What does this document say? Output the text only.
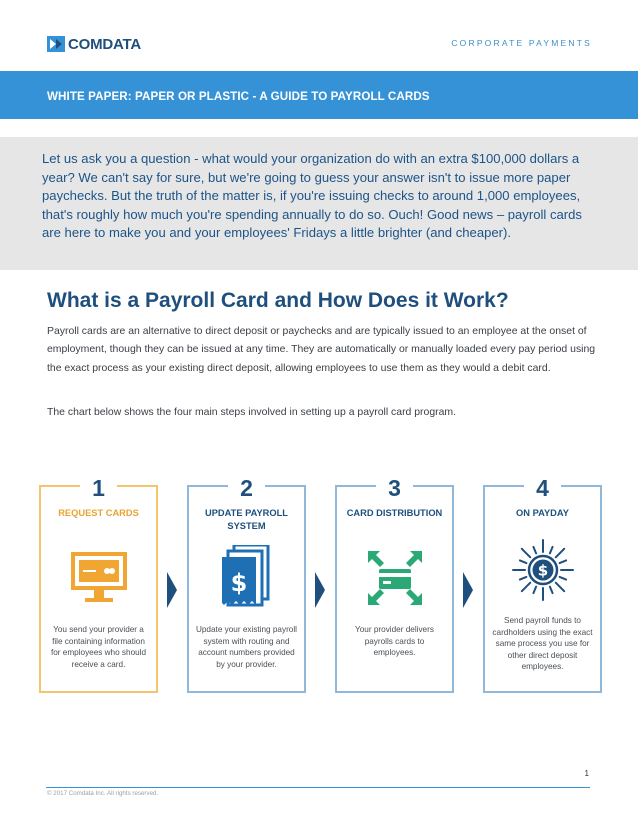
COMDATA	CORPORATE PAYMENTS
WHITE PAPER: PAPER OR PLASTIC - A GUIDE TO PAYROLL CARDS
Let us ask you a question - what would your organization do with an extra $100,000 dollars a year? We can't say for sure, but we're going to guess your answer isn't to issue more paper paychecks. But the truth of the matter is, if you're issuing checks to around 1,000 employees, that's roughly how much you're spending annually to do so. Ouch! Good news – payroll cards are here to make you and your employees' Fridays a little brighter (and cheaper).
What is a Payroll Card and How Does it Work?
Payroll cards are an alternative to direct deposit or paychecks and are typically issued to an employee at the onset of employment, though they can be issued at any time. They are automatically or manually loaded every pay period using the exact process as your existing direct deposit, allowing employees to use them as they would a debit card.
The chart below shows the four main steps involved in setting up a payroll card program.
1
REQUEST CARDS
You send your provider a file containing information for employees who should receive a card.
2
UPDATE PAYROLL SYSTEM
$
Update your existing payroll system with routing and account numbers provided by your provider.
3
CARD DISTRIBUTION
Your provider delivers payrolls cards to employees.
4
ON PAYDAY
$
Send payroll funds to cardholders using the exact same process you use for other direct deposit employees.
1
© 2017 Comdata Inc. All rights reserved.
